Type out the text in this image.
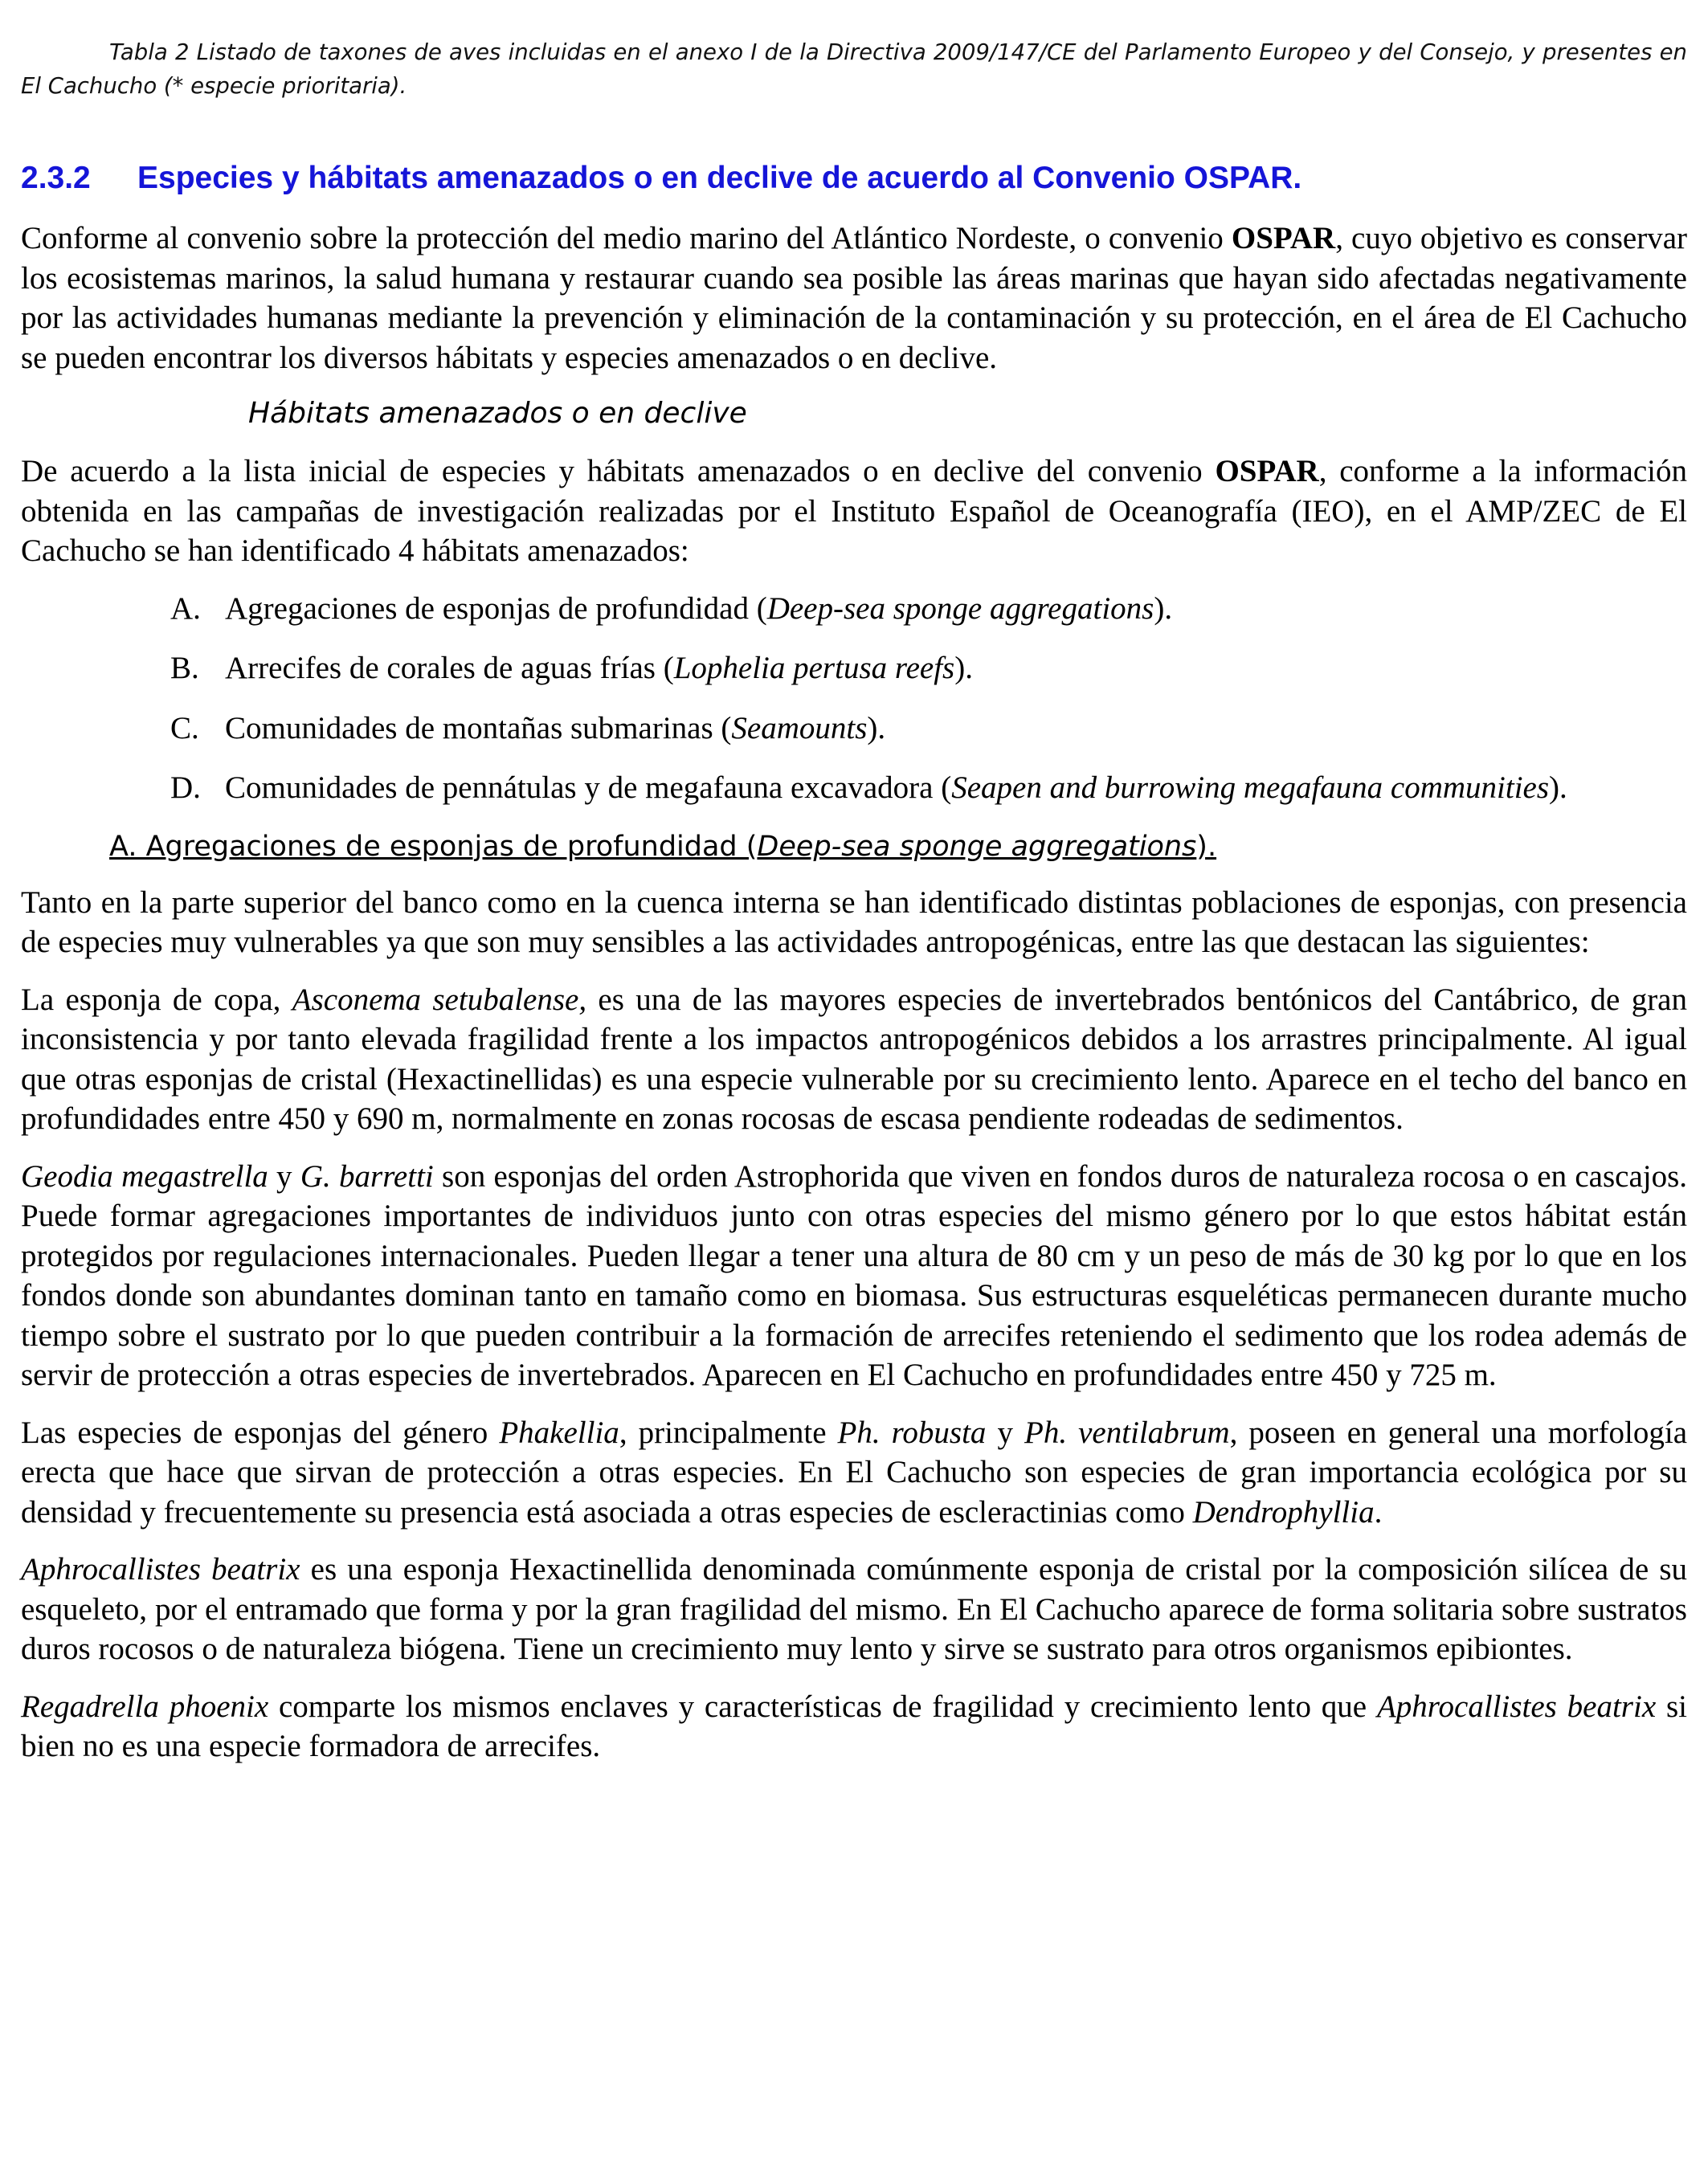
Tabla 2 Listado de taxones de aves incluidas en el anexo I de la Directiva 2009/147/CE del Parlamento Europeo y del Consejo, y presentes en El Cachucho (* especie prioritaria).

2.3.2 Especies y hábitats amenazados o en declive de acuerdo al Convenio OSPAR.

Conforme al convenio sobre la protección del medio marino del Atlántico Nordeste, o convenio OSPAR, cuyo objetivo es conservar los ecosistemas marinos, la salud humana y restaurar cuando sea posible las áreas marinas que hayan sido afectadas negativamente por las actividades humanas mediante la prevención y eliminación de la contaminación y su protección, en el área de El Cachucho se pueden encontrar los diversos hábitats y especies amenazados o en declive.

Hábitats amenazados o en declive

De acuerdo a la lista inicial de especies y hábitats amenazados o en declive del convenio OSPAR, conforme a la información obtenida en las campañas de investigación realizadas por el Instituto Español de Oceanografía (IEO), en el AMP/ZEC de El Cachucho se han identificado 4 hábitats amenazados:

A. Agregaciones de esponjas de profundidad (Deep-sea sponge aggregations).
B. Arrecifes de corales de aguas frías (Lophelia pertusa reefs).
C. Comunidades de montañas submarinas (Seamounts).
D. Comunidades de pennátulas y de megafauna excavadora (Seapen and burrowing megafauna communities).

A. Agregaciones de esponjas de profundidad (Deep-sea sponge aggregations).

Tanto en la parte superior del banco como en la cuenca interna se han identificado distintas poblaciones de esponjas, con presencia de especies muy vulnerables ya que son muy sensibles a las actividades antropogénicas, entre las que destacan las siguientes:

La esponja de copa, Asconema setubalense, es una de las mayores especies de invertebrados bentónicos del Cantábrico, de gran inconsistencia y por tanto elevada fragilidad frente a los impactos antropogénicos debidos a los arrastres principalmente. Al igual que otras esponjas de cristal (Hexactinellidas) es una especie vulnerable por su crecimiento lento. Aparece en el techo del banco en profundidades entre 450 y 690 m, normalmente en zonas rocosas de escasa pendiente rodeadas de sedimentos.

Geodia megastrella y G. barretti son esponjas del orden Astrophorida que viven en fondos duros de naturaleza rocosa o en cascajos. Puede formar agregaciones importantes de individuos junto con otras especies del mismo género por lo que estos hábitat están protegidos por regulaciones internacionales. Pueden llegar a tener una altura de 80 cm y un peso de más de 30 kg por lo que en los fondos donde son abundantes dominan tanto en tamaño como en biomasa. Sus estructuras esqueléticas permanecen durante mucho tiempo sobre el sustrato por lo que pueden contribuir a la formación de arrecifes reteniendo el sedimento que los rodea además de servir de protección a otras especies de invertebrados. Aparecen en El Cachucho en profundidades entre 450 y 725 m.

Las especies de esponjas del género Phakellia, principalmente Ph. robusta y Ph. ventilabrum, poseen en general una morfología erecta que hace que sirvan de protección a otras especies. En El Cachucho son especies de gran importancia ecológica por su densidad y frecuentemente su presencia está asociada a otras especies de escleractinias como Dendrophyllia.

Aphrocallistes beatrix es una esponja Hexactinellida denominada comúnmente esponja de cristal por la composición silícea de su esqueleto, por el entramado que forma y por la gran fragilidad del mismo. En El Cachucho aparece de forma solitaria sobre sustratos duros rocosos o de naturaleza biógena. Tiene un crecimiento muy lento y sirve se sustrato para otros organismos epibiontes.

Regadrella phoenix comparte los mismos enclaves y características de fragilidad y crecimiento lento que Aphrocallistes beatrix si bien no es una especie formadora de arrecifes.
